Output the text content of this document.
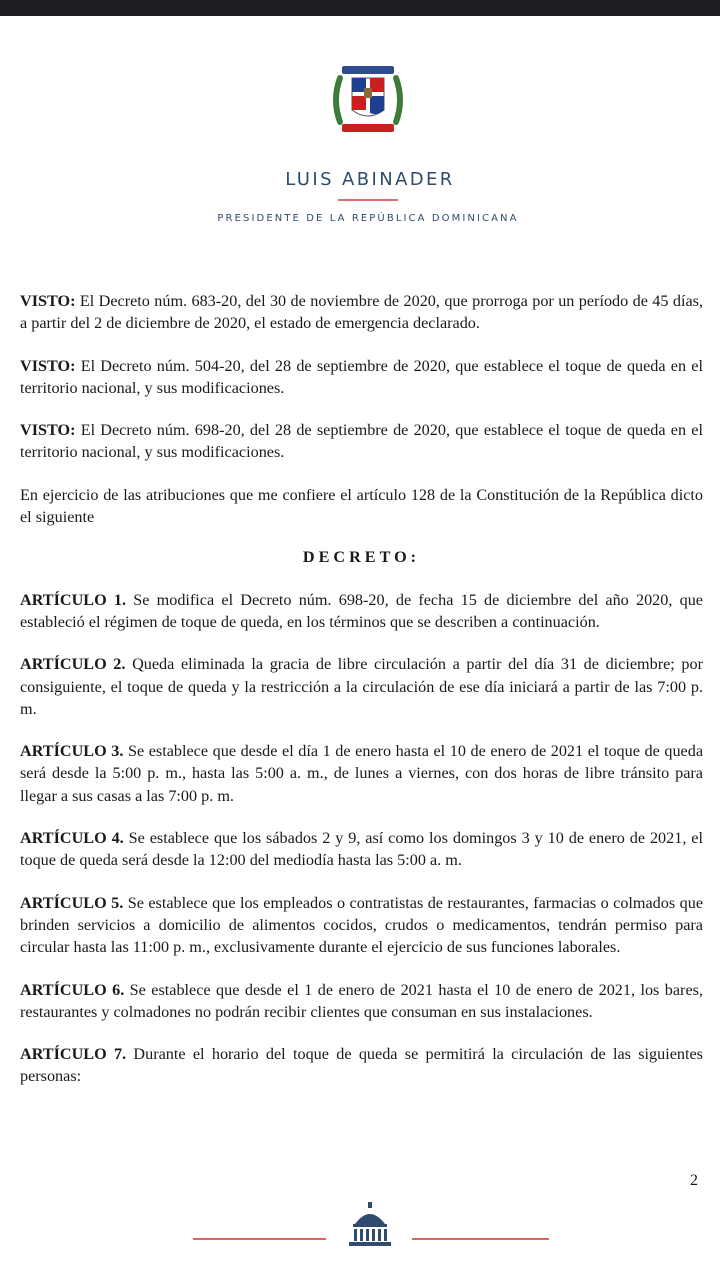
LUIS ABINADER
PRESIDENTE DE LA REPÚBLICA DOMINICANA

VISTO: El Decreto núm. 683-20, del 30 de noviembre de 2020, que prorroga por un período de 45 días, a partir del 2 de diciembre de 2020, el estado de emergencia declarado.

VISTO: El Decreto núm. 504-20, del 28 de septiembre de 2020, que establece el toque de queda en el territorio nacional, y sus modificaciones.

VISTO: El Decreto núm. 698-20, del 28 de septiembre de 2020, que establece el toque de queda en el territorio nacional, y sus modificaciones.

En ejercicio de las atribuciones que me confiere el artículo 128 de la Constitución de la República dicto el siguiente

DECRETO:

ARTÍCULO 1. Se modifica el Decreto núm. 698-20, de fecha 15 de diciembre del año 2020, que estableció el régimen de toque de queda, en los términos que se describen a continuación.

ARTÍCULO 2. Queda eliminada la gracia de libre circulación a partir del día 31 de diciembre; por consiguiente, el toque de queda y la restricción a la circulación de ese día iniciará a partir de las 7:00 p. m.

ARTÍCULO 3. Se establece que desde el día 1 de enero hasta el 10 de enero de 2021 el toque de queda será desde la 5:00 p. m., hasta las 5:00 a. m., de lunes a viernes, con dos horas de libre tránsito para llegar a sus casas a las 7:00 p. m.

ARTÍCULO 4. Se establece que los sábados 2 y 9, así como los domingos 3 y 10 de enero de 2021, el toque de queda será desde la 12:00 del mediodía hasta las 5:00 a. m.

ARTÍCULO 5. Se establece que los empleados o contratistas de restaurantes, farmacias o colmados que brinden servicios a domicilio de alimentos cocidos, crudos o medicamentos, tendrán permiso para circular hasta las 11:00 p. m., exclusivamente durante el ejercicio de sus funciones laborales.

ARTÍCULO 6. Se establece que desde el 1 de enero de 2021 hasta el 10 de enero de 2021, los bares, restaurantes y colmadones no podrán recibir clientes que consuman en sus instalaciones.

ARTÍCULO 7. Durante el horario del toque de queda se permitirá la circulación de las siguientes personas:

2
